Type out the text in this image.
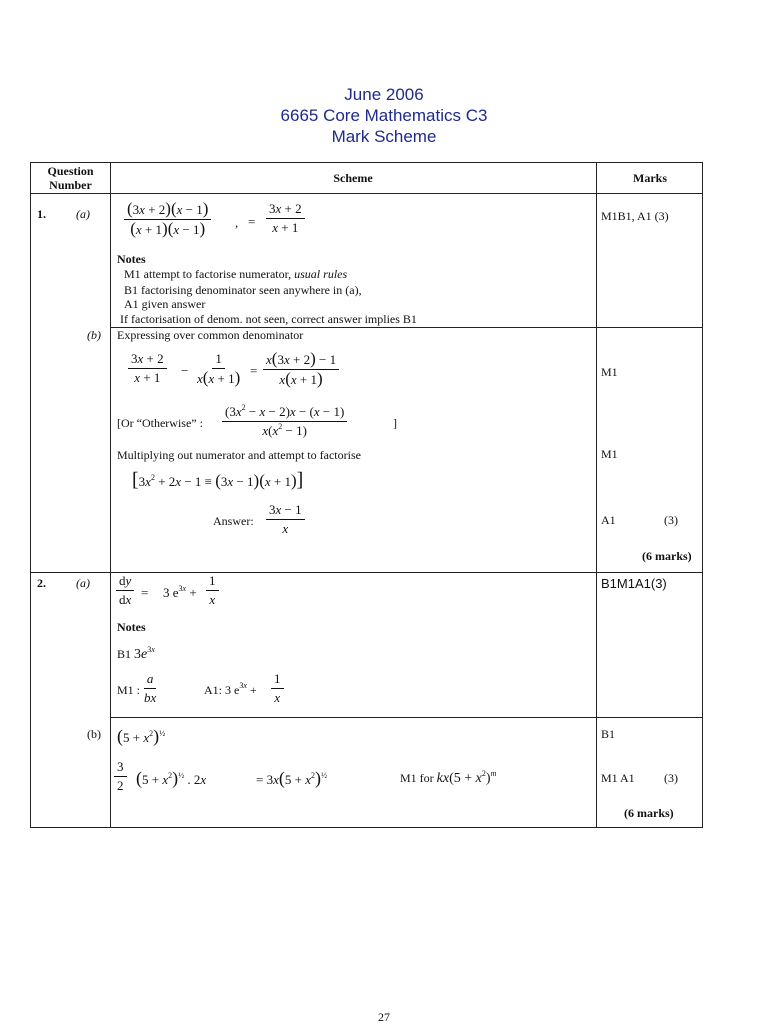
June 2006
6665 Core Mathematics C3
Mark Scheme
Question Number	Scheme	Marks
1.	$(a) \frac{(3x + 2)(x - 1)}{(x + 1)(x - 1)}$ , = $\frac{3x + 2}{x + 1}$	M1B1, A1 (3)
Notes
M1 attempt to factorise numerator, usual rules
B1 factorising denominator seen anywhere in (a),
A1 given answer
If factorisation of denom. not seen, correct answer implies B1
(b) Expressing over common denominator
$\frac{3x + 2}{x + 1} - \frac{1}{x(x + 1)} = \frac{x(3x + 2) - 1}{x(x + 1)}$	M1
[Or “Otherwise” : $\frac{(3x^2 - x - 2)x - (x - 1)}{x(x^2 - 1)}$	]
Multiplying out numerator and attempt to factorise	M1
$[3x^2 + 2x - 1 \equiv (3x - 1)(x + 1)]$
Answer: $\frac{3x - 1}{x}$	A1	(3)
(6 marks)
2.	$(a) \frac{dy}{dx} = 3$ $e^{3x} + \frac{1}{x}$	B1M1A1(3)
Notes
B1 $3e^{3x}$
M1 : $\frac{a}{bx}$	A1: 3 $e^{3x} + \frac{1}{x}$
(b) $(5 + x^2)^{\frac{1}{2}}$	B1
$\frac{3}{2} (5 + x^2)^{\frac{1}{2}}$ . 2x	= $3x(5 + x^2)^{\frac{1}{2}}$	M1 for $kx(5 + x^2)^m$	M1 A1 (3)
(6 marks)
27
